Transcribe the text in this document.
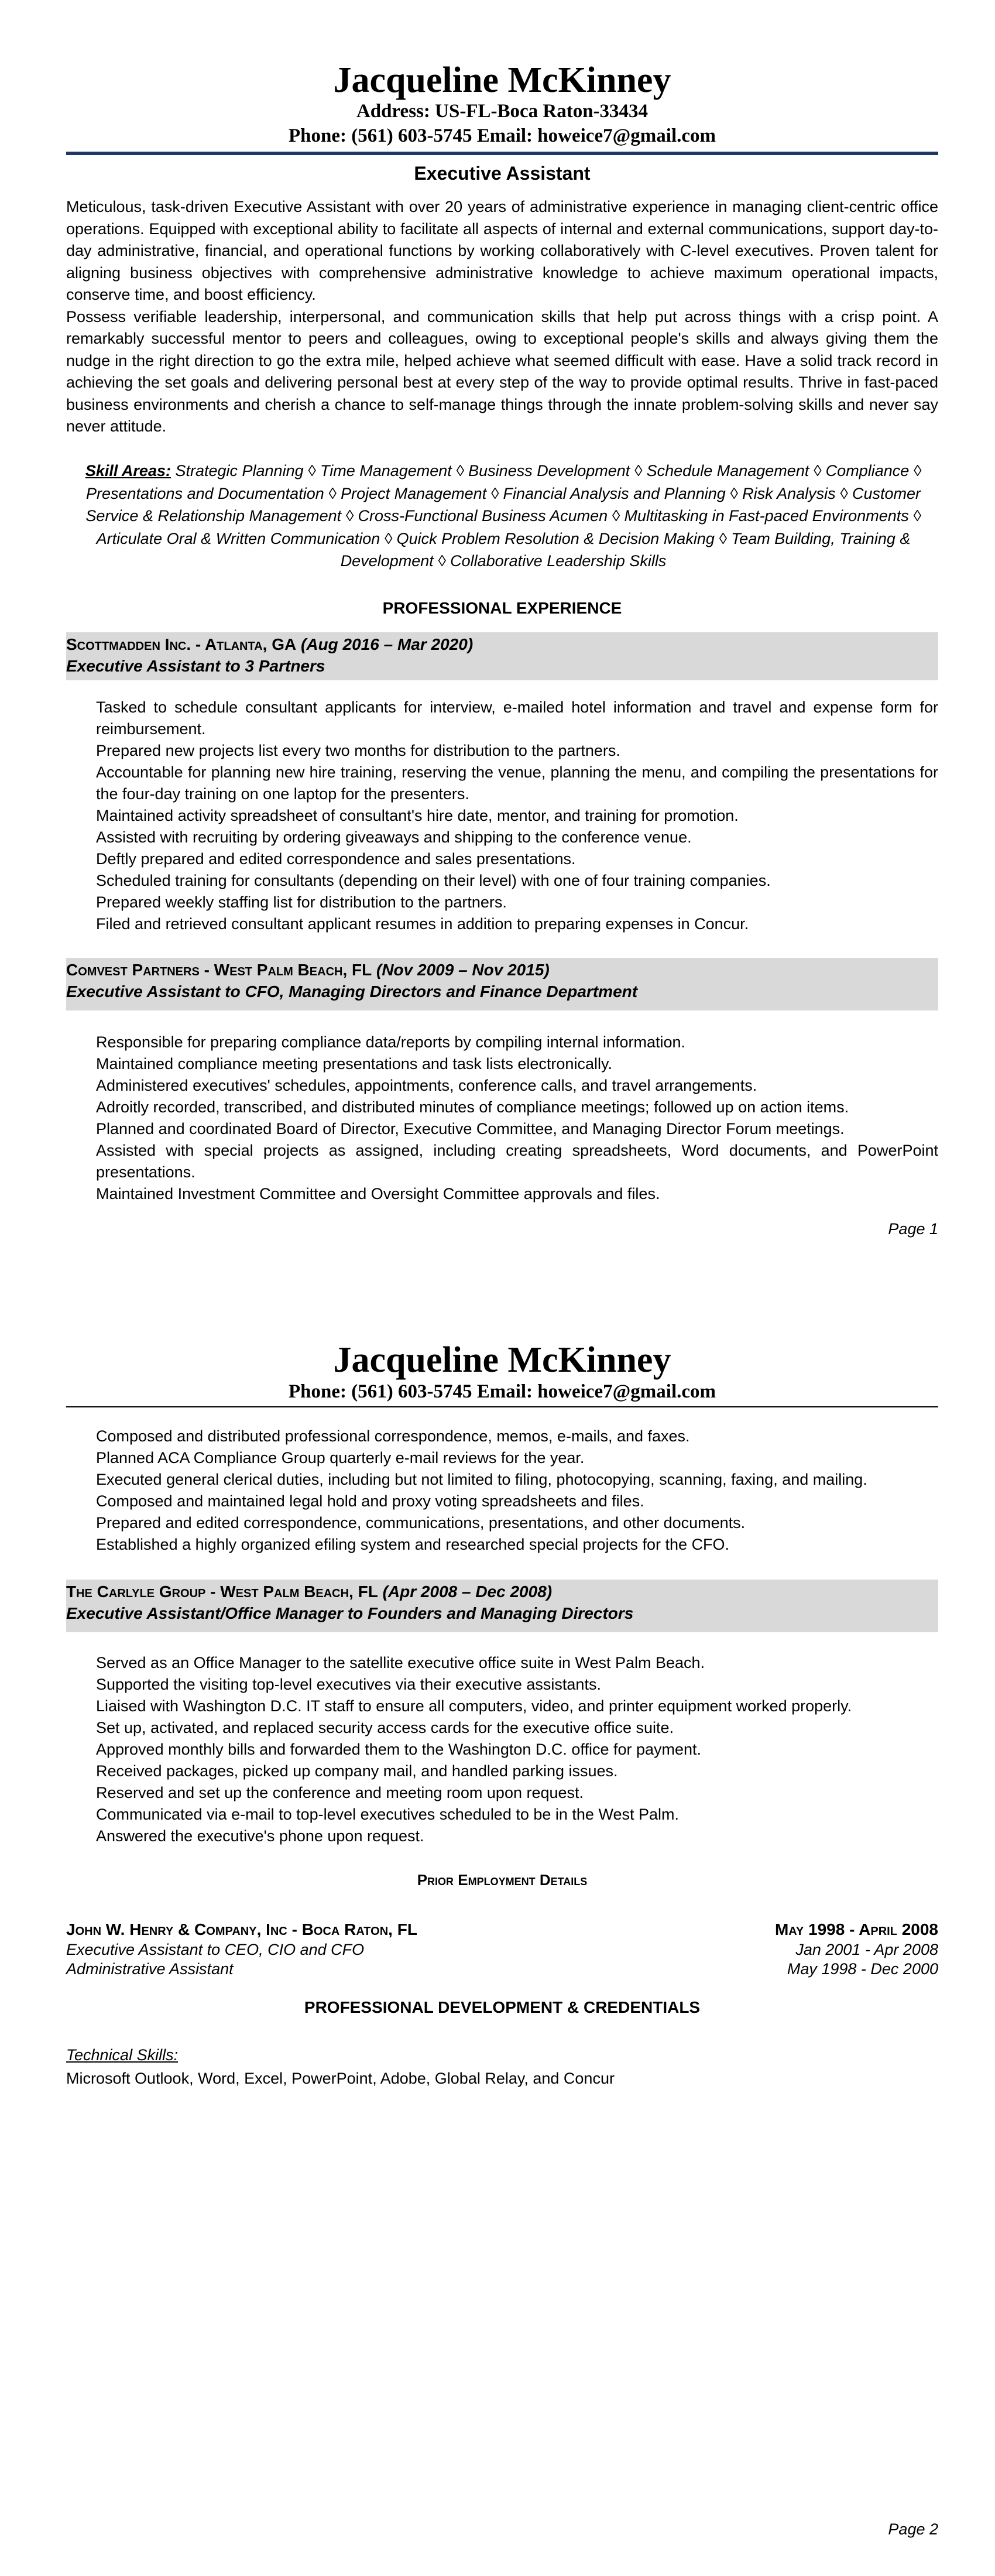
Jacqueline McKinney
Address: US-FL-Boca Raton-33434
Phone: (561) 603-5745 Email: howeice7@gmail.com
Executive Assistant

Meticulous, task-driven Executive Assistant with over 20 years of administrative experience in managing client-centric office operations. Equipped with exceptional ability to facilitate all aspects of internal and external communications, support day-to-day administrative, financial, and operational functions by working collaboratively with C-level executives. Proven talent for aligning business objectives with comprehensive administrative knowledge to achieve maximum operational impacts, conserve time, and boost efficiency.

Possess verifiable leadership, interpersonal, and communication skills that help put across things with a crisp point. A remarkably successful mentor to peers and colleagues, owing to exceptional people's skills and always giving them the nudge in the right direction to go the extra mile, helped achieve what seemed difficult with ease. Have a solid track record in achieving the set goals and delivering personal best at every step of the way to provide optimal results. Thrive in fast-paced business environments and cherish a chance to self-manage things through the innate problem-solving skills and never say never attitude.

Skill Areas: Strategic Planning ◊ Time Management ◊ Business Development ◊ Schedule Management ◊ Compliance ◊ Presentations and Documentation ◊ Project Management ◊ Financial Analysis and Planning ◊ Risk Analysis ◊ Customer Service & Relationship Management ◊ Cross-Functional Business Acumen ◊ Multitasking in Fast-paced Environments ◊ Articulate Oral & Written Communication ◊ Quick Problem Resolution & Decision Making ◊ Team Building, Training & Development ◊ Collaborative Leadership Skills
PROFESSIONAL EXPERIENCE
Scottmadden Inc. - Atlanta, GA (Aug 2016 – Mar 2020)
Executive Assistant to 3 Partners
Tasked to schedule consultant applicants for interview, e-mailed hotel information and travel and expense form for reimbursement.
Prepared new projects list every two months for distribution to the partners.
Accountable for planning new hire training, reserving the venue, planning the menu, and compiling the presentations for the four-day training on one laptop for the presenters.
Maintained activity spreadsheet of consultant's hire date, mentor, and training for promotion.
Assisted with recruiting by ordering giveaways and shipping to the conference venue.
Deftly prepared and edited correspondence and sales presentations.
Scheduled training for consultants (depending on their level) with one of four training companies.
Prepared weekly staffing list for distribution to the partners.
Filed and retrieved consultant applicant resumes in addition to preparing expenses in Concur.
Comvest Partners - West Palm Beach, FL (Nov 2009 – Nov 2015)
Executive Assistant to CFO, Managing Directors and Finance Department
Responsible for preparing compliance data/reports by compiling internal information.
Maintained compliance meeting presentations and task lists electronically.
Administered executives' schedules, appointments, conference calls, and travel arrangements.
Adroitly recorded, transcribed, and distributed minutes of compliance meetings; followed up on action items.
Planned and coordinated Board of Director, Executive Committee, and Managing Director Forum meetings.
Assisted with special projects as assigned, including creating spreadsheets, Word documents, and PowerPoint presentations.
Maintained Investment Committee and Oversight Committee approvals and files.
Page 1
Jacqueline McKinney
Phone: (561) 603-5745 Email: howeice7@gmail.com
Composed and distributed professional correspondence, memos, e-mails, and faxes.
Planned ACA Compliance Group quarterly e-mail reviews for the year.
Executed general clerical duties, including but not limited to filing, photocopying, scanning, faxing, and mailing.
Composed and maintained legal hold and proxy voting spreadsheets and files.
Prepared and edited correspondence, communications, presentations, and other documents.
Established a highly organized efiling system and researched special projects for the CFO.
The Carlyle Group - West Palm Beach, FL (Apr 2008 – Dec 2008)
Executive Assistant/Office Manager to Founders and Managing Directors
Served as an Office Manager to the satellite executive office suite in West Palm Beach.
Supported the visiting top-level executives via their executive assistants.
Liaised with Washington D.C. IT staff to ensure all computers, video, and printer equipment worked properly.
Set up, activated, and replaced security access cards for the executive office suite.
Approved monthly bills and forwarded them to the Washington D.C. office for payment.
Received packages, picked up company mail, and handled parking issues.
Reserved and set up the conference and meeting room upon request.
Communicated via e-mail to top-level executives scheduled to be in the West Palm.
Answered the executive's phone upon request.
Prior Employment Details
John W. Henry & Company, Inc - Boca Raton, FL	May 1998 - April 2008
Executive Assistant to CEO, CIO and CFO	Jan 2001 - Apr 2008
Administrative Assistant	May 1998 - Dec 2000
PROFESSIONAL DEVELOPMENT & CREDENTIALS
Technical Skills:
Microsoft Outlook, Word, Excel, PowerPoint, Adobe, Global Relay, and Concur
Page 2
